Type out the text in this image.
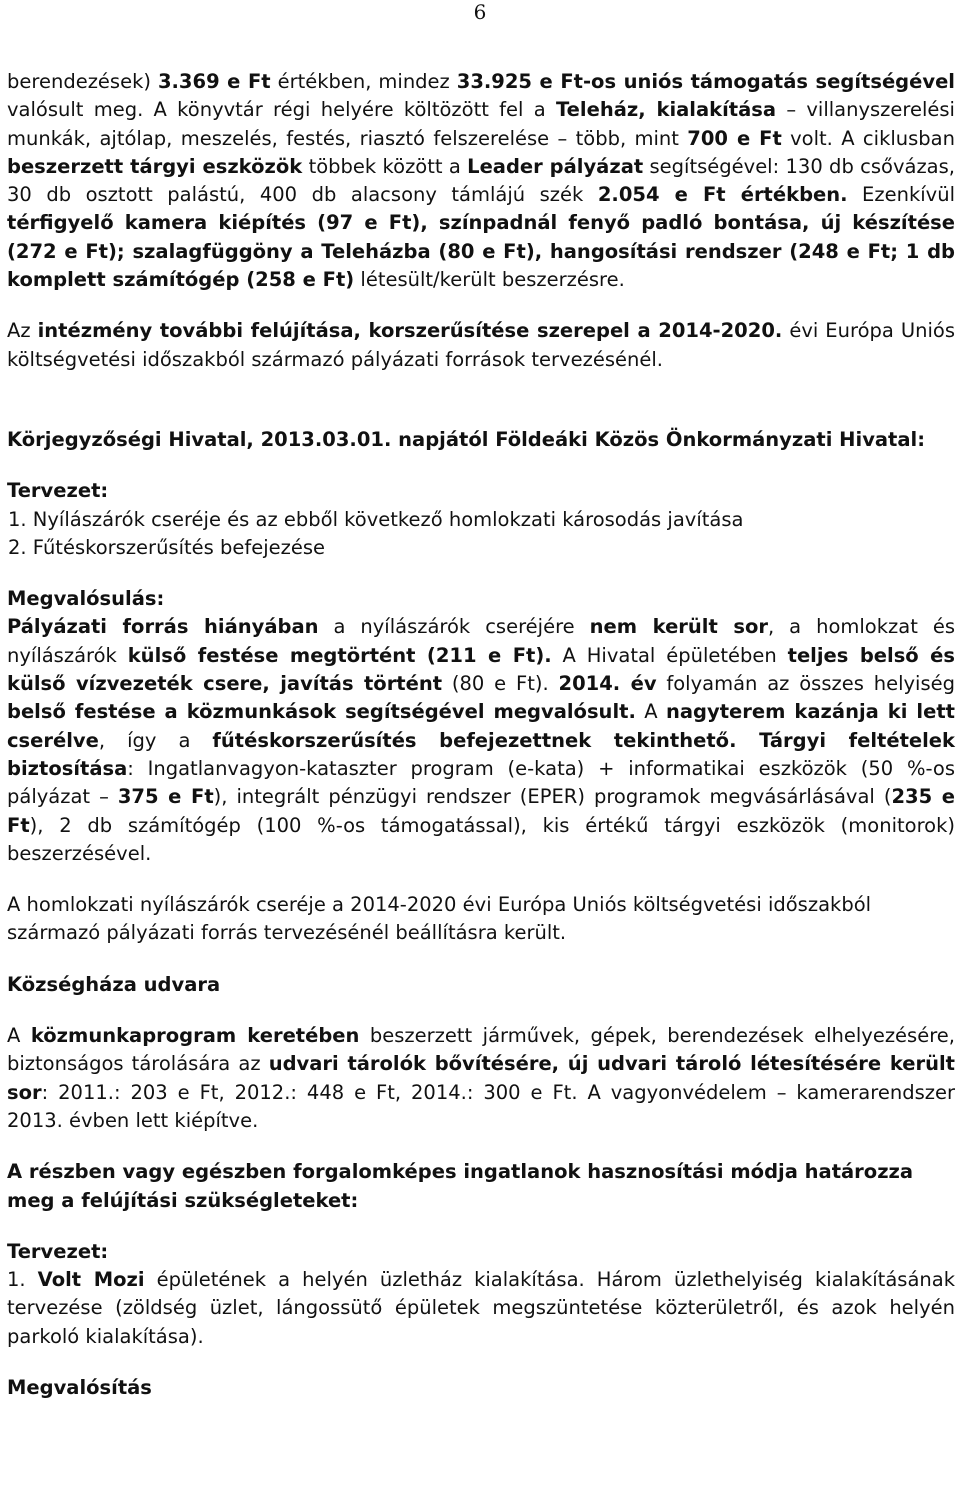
6

berendezések) 3.369 e Ft értékben, mindez 33.925 e Ft-os uniós támogatás segítségével valósult meg. A könyvtár régi helyére költözött fel a Teleház, kialakítása – villanyszerelési munkák, ajtólap, meszelés, festés, riasztó felszerelése – több, mint 700 e Ft volt. A ciklusban beszerzett tárgyi eszközök többek között a Leader pályázat segítségével: 130 db csővázas, 30 db osztott palástú, 400 db alacsony támlájú szék 2.054 e Ft értékben. Ezenkívül térfigyelő kamera kiépítés (97 e Ft), színpadnál fenyő padló bontása, új készítése (272 e Ft); szalagfüggöny a Teleházba (80 e Ft), hangosítási rendszer (248 e Ft; 1 db komplett számítógép (258 e Ft) létesült/került beszerzésre.

Az intézmény további felújítása, korszerűsítése szerepel a 2014-2020. évi Európa Uniós költségvetési időszakból származó pályázati források tervezésénél.

Körjegyzőségi Hivatal, 2013.03.01. napjától Földeáki Közös Önkormányzati Hivatal:

Tervezet:

1. Nyílászárók cseréje és az ebből következő homlokzati károsodás javítása

2. Fűtéskorszerűsítés befejezése

Megvalósulás:

Pályázati forrás hiányában a nyílászárók cseréjére nem került sor, a homlokzat és nyílászárók külső festése megtörtént (211 e Ft). A Hivatal épületében teljes belső és külső vízvezeték csere, javítás történt (80 e Ft). 2014. év folyamán az összes helyiség belső festése a közmunkások segítségével megvalósult. A nagyterem kazánja ki lett cserélve, így a fűtéskorszerűsítés befejezettnek tekinthető. Tárgyi feltételek biztosítása: Ingatlanvagyon-kataszter program (e-kata) + informatikai eszközök (50 %-os pályázat – 375 e Ft), integrált pénzügyi rendszer (EPER) programok megvásárlásával (235 e Ft), 2 db számítógép (100 %-os támogatással), kis értékű tárgyi eszközök (monitorok) beszerzésével.

A homlokzati nyílászárók cseréje a 2014-2020 évi Európa Uniós költségvetési időszakból származó pályázati forrás tervezésénél beállításra került.

Községháza udvara

A közmunkaprogram keretében beszerzett járművek, gépek, berendezések elhelyezésére, biztonságos tárolására az udvari tárolók bővítésére, új udvari tároló létesítésére került sor: 2011.: 203 e Ft, 2012.: 448 e Ft, 2014.: 300 e Ft. A vagyonvédelem – kamerarendszer 2013. évben lett kiépítve.

A részben vagy egészben forgalomképes ingatlanok hasznosítási módja határozza meg a felújítási szükségleteket:

Tervezet:

1. Volt Mozi épületének a helyén üzletház kialakítása. Három üzlethelyiség kialakításának tervezése (zöldség üzlet, lángossütő épületek megszüntetése közterületről, és azok helyén parkoló kialakítása).

Megvalósítás
